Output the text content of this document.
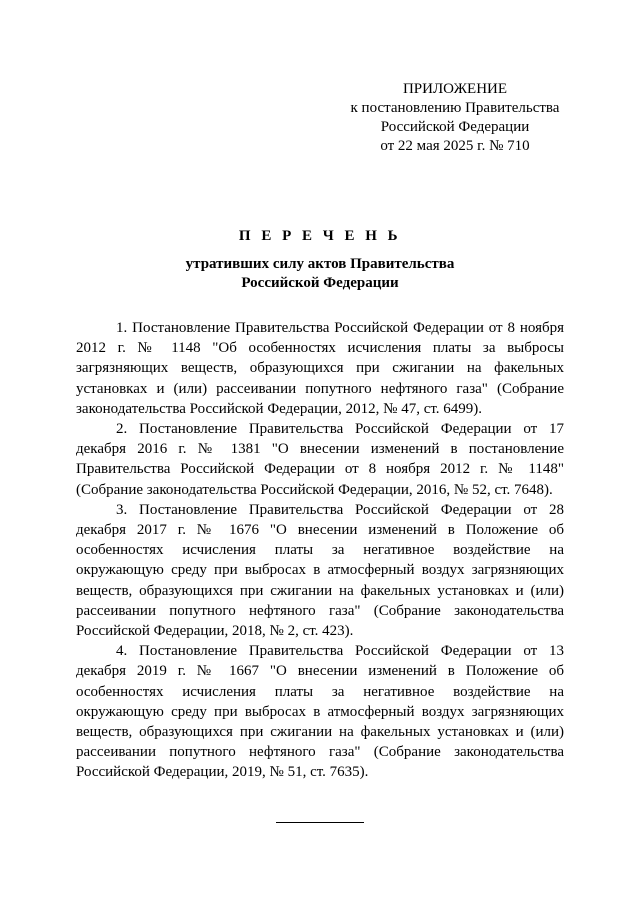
ПРИЛОЖЕНИЕ
к постановлению Правительства
Российской Федерации
от 22 мая 2025 г. № 710
П Е Р Е Ч Е Н Ь
утративших силу актов Правительства
Российской Федерации

1. Постановление Правительства Российской Федерации от 8 ноября 2012 г. № 1148 "Об особенностях исчисления платы за выбросы загрязняющих веществ, образующихся при сжигании на факельных установках и (или) рассеивании попутного нефтяного газа" (Собрание законодательства Российской Федерации, 2012, № 47, ст. 6499).

2. Постановление Правительства Российской Федерации от 17 декабря 2016 г. № 1381 "О внесении изменений в постановление Правительства Российской Федерации от 8 ноября 2012 г. № 1148" (Собрание законодательства Российской Федерации, 2016, № 52, ст. 7648).

3. Постановление Правительства Российской Федерации от 28 декабря 2017 г. № 1676 "О внесении изменений в Положение об особенностях исчисления платы за негативное воздействие на окружающую среду при выбросах в атмосферный воздух загрязняющих веществ, образующихся при сжигании на факельных установках и (или) рассеивании попутного нефтяного газа" (Собрание законодательства Российской Федерации, 2018, № 2, ст. 423).

4. Постановление Правительства Российской Федерации от 13 декабря 2019 г. № 1667 "О внесении изменений в Положение об особенностях исчисления платы за негативное воздействие на окружающую среду при выбросах в атмосферный воздух загрязняющих веществ, образующихся при сжигании на факельных установках и (или) рассеивании попутного нефтяного газа" (Собрание законодательства Российской Федерации, 2019, № 51, ст. 7635).
